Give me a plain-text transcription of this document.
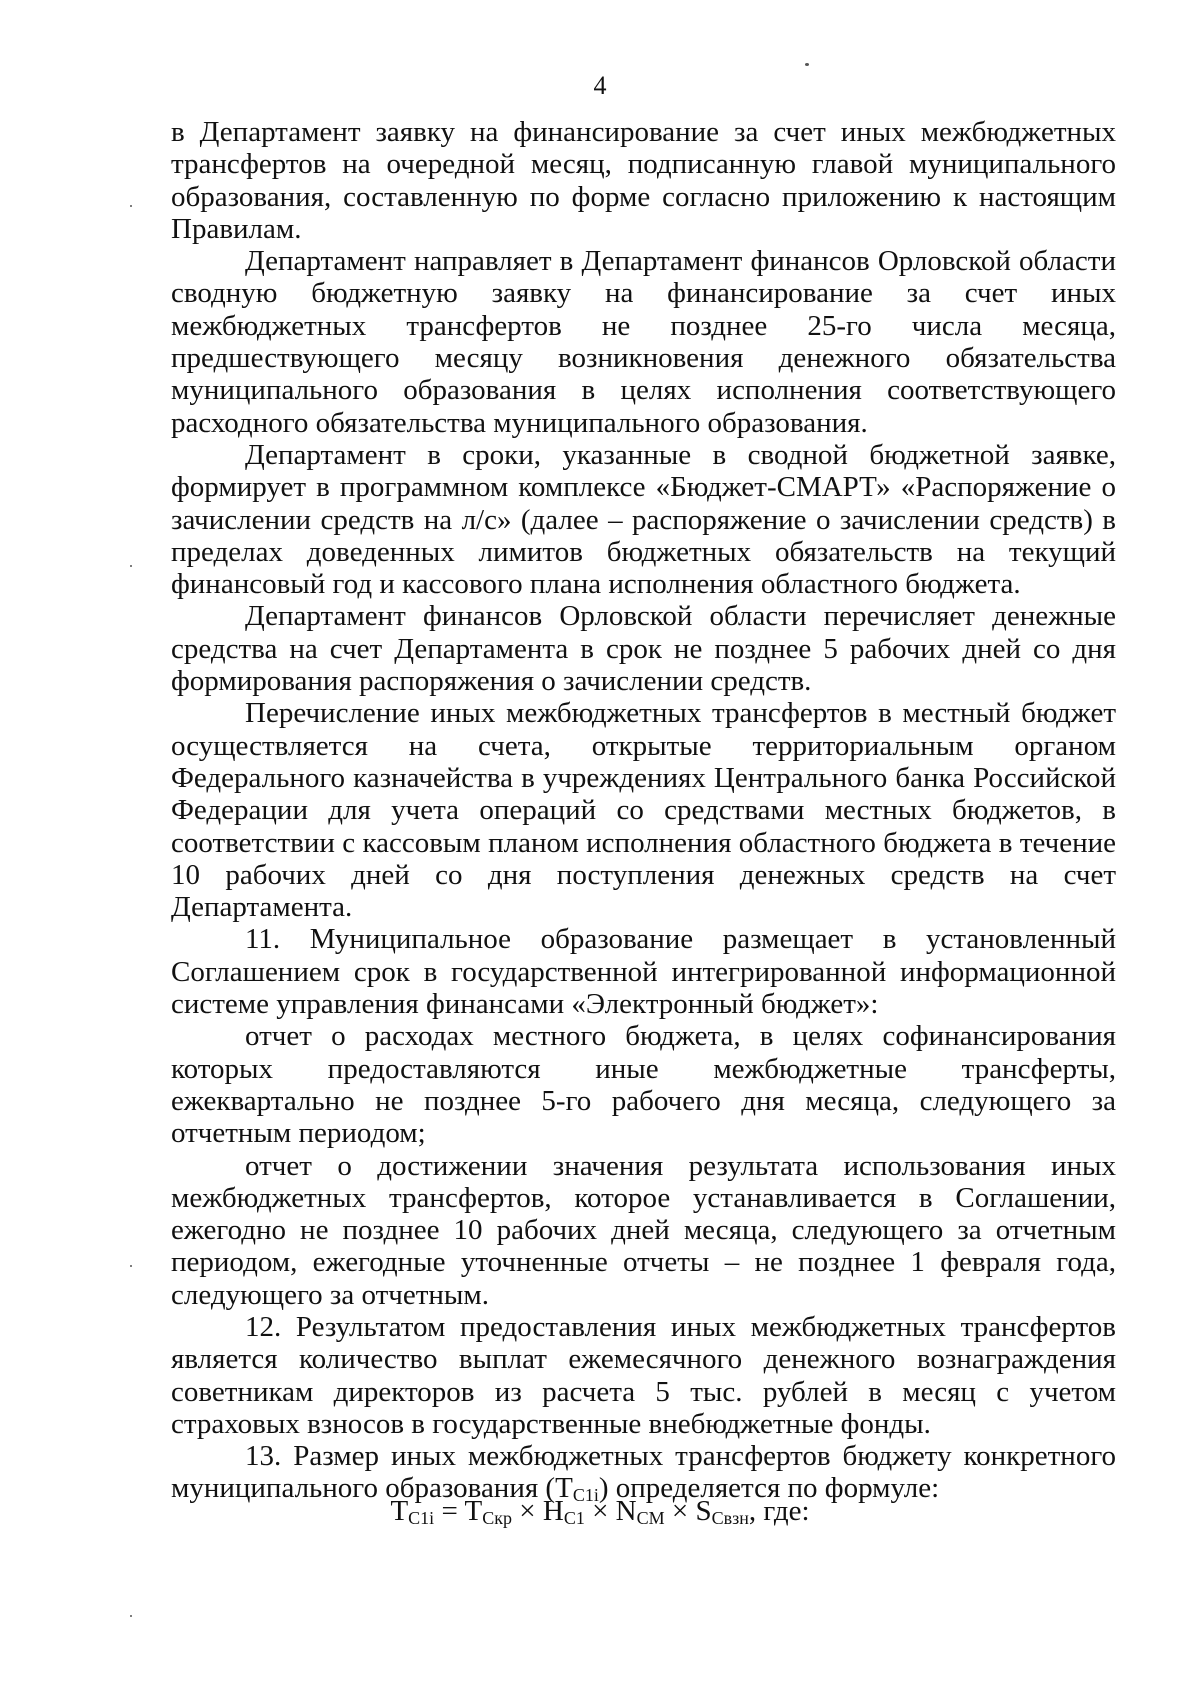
4

в Департамент заявку на финансирование за счет иных межбюджетных трансфертов на очередной месяц, подписанную главой муниципального образования, составленную по форме согласно приложению к настоящим Правилам.

Департамент направляет в Департамент финансов Орловской области сводную бюджетную заявку на финансирование за счет иных межбюджетных трансфертов не позднее 25-го числа месяца, предшествующего месяцу возникновения денежного обязательства муниципального образования в целях исполнения соответствующего расходного обязательства муниципального образования.

Департамент в сроки, указанные в сводной бюджетной заявке, формирует в программном комплексе «Бюджет-СМАРТ» «Распоряжение о зачислении средств на л/с» (далее – распоряжение о зачислении средств) в пределах доведенных лимитов бюджетных обязательств на текущий финансовый год и кассового плана исполнения областного бюджета.

Департамент финансов Орловской области перечисляет денежные средства на счет Департамента в срок не позднее 5 рабочих дней со дня формирования распоряжения о зачислении средств.

Перечисление иных межбюджетных трансфертов в местный бюджет осуществляется на счета, открытые территориальным органом Федерального казначейства в учреждениях Центрального банка Российской Федерации для учета операций со средствами местных бюджетов, в соответствии с кассовым планом исполнения областного бюджета в течение 10 рабочих дней со дня поступления денежных средств на счет Департамента.

11. Муниципальное образование размещает в установленный Соглашением срок в государственной интегрированной информационной системе управления финансами «Электронный бюджет»:

отчет о расходах местного бюджета, в целях софинансирования которых предоставляются иные межбюджетные трансферты, ежеквартально не позднее 5-го рабочего дня месяца, следующего за отчетным периодом;

отчет о достижении значения результата использования иных межбюджетных трансфертов, которое устанавливается в Соглашении, ежегодно не позднее 10 рабочих дней месяца, следующего за отчетным периодом, ежегодные уточненные отчеты – не позднее 1 февраля года, следующего за отчетным.

12. Результатом предоставления иных межбюджетных трансфертов является количество выплат ежемесячного денежного вознаграждения советникам директоров из расчета 5 тыс. рублей в месяц с учетом страховых взносов в государственные внебюджетные фонды.

13. Размер иных межбюджетных трансфертов бюджету конкретного муниципального образования $(T_{C1i})$ определяется по формуле:

$T_{C1i} = T_{Cкр} \times H_{C1} \times N_{CM} \times S_{Cвзн}$, где:
